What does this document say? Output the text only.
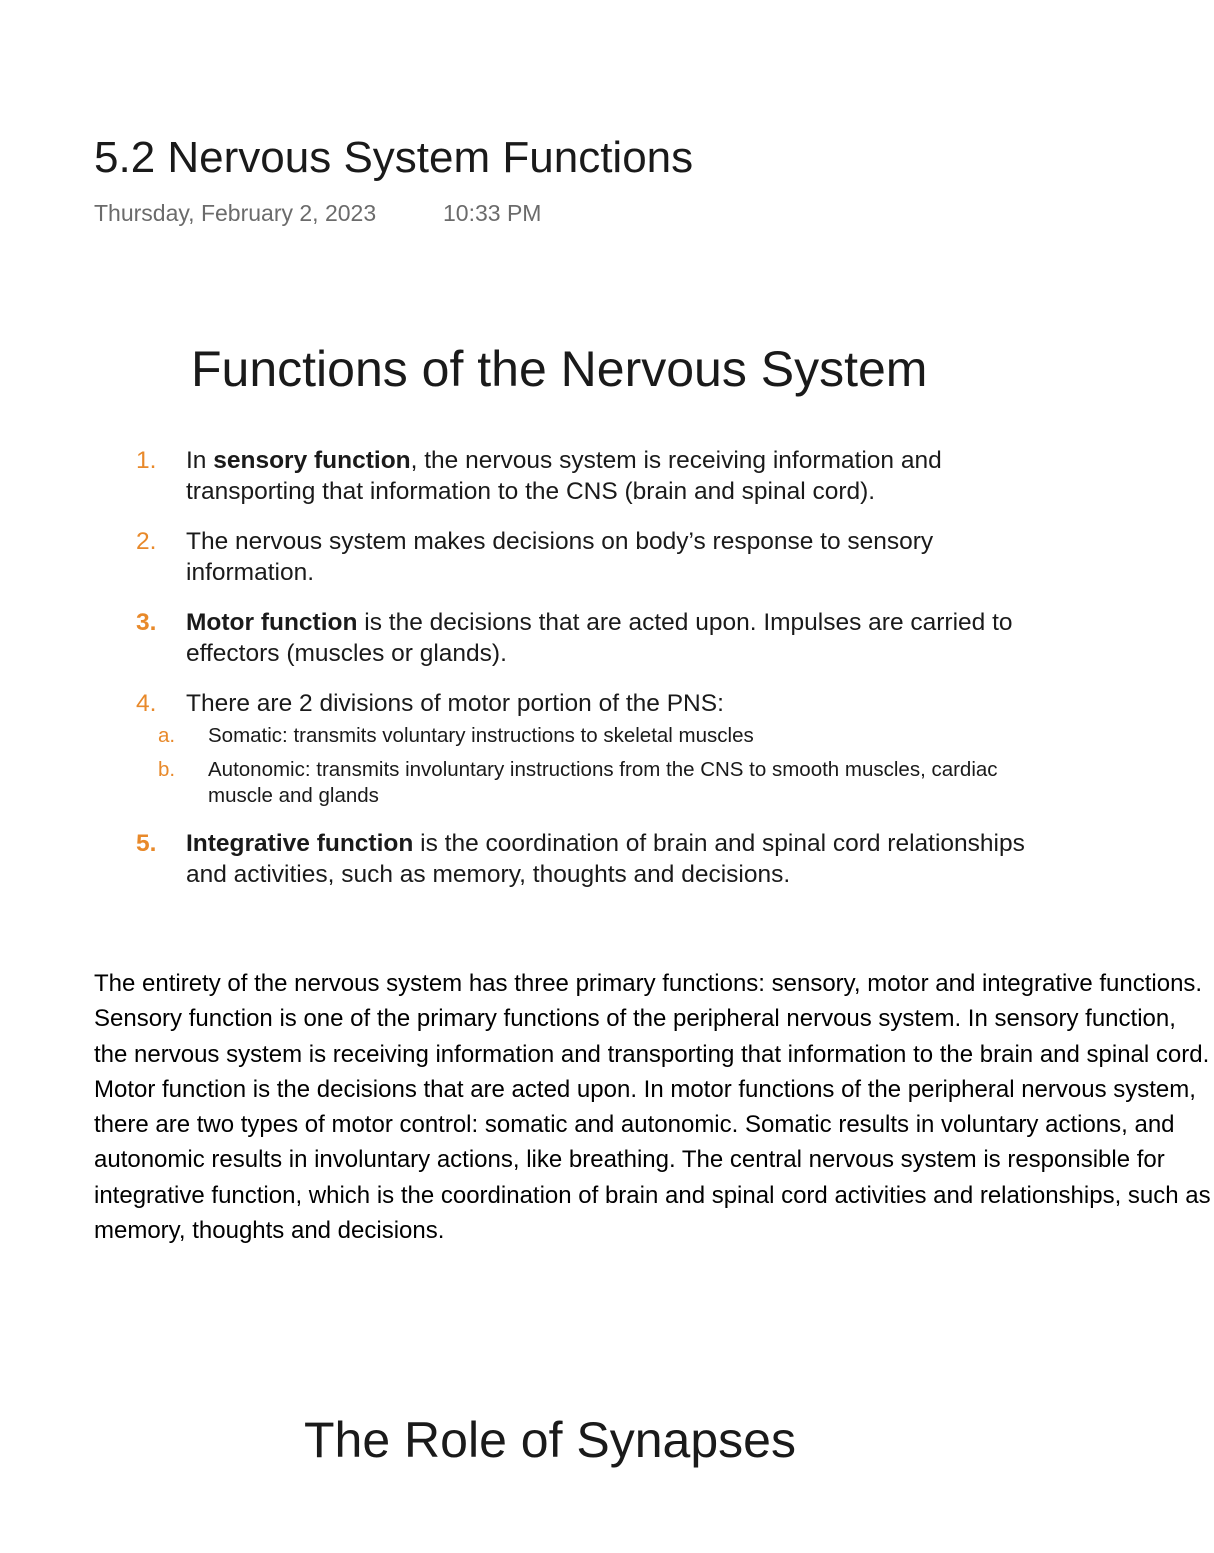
5.2 Nervous System Functions
Thursday, February 2, 2023	10:33 PM
Functions of the Nervous System
1. In sensory function, the nervous system is receiving information and transporting that information to the CNS (brain and spinal cord).
2. The nervous system makes decisions on body’s response to sensory information.
3. Motor function is the decisions that are acted upon. Impulses are carried to effectors (muscles or glands).
4. There are 2 divisions of motor portion of the PNS:
a. Somatic: transmits voluntary instructions to skeletal muscles
b. Autonomic: transmits involuntary instructions from the CNS to smooth muscles, cardiac muscle and glands
5. Integrative function is the coordination of brain and spinal cord relationships and activities, such as memory, thoughts and decisions.

The entirety of the nervous system has three primary functions: sensory, motor and integrative functions.
Sensory function is one of the primary functions of the peripheral nervous system. In sensory function, the nervous system is receiving information and transporting that information to the brain and spinal cord. Motor function is the decisions that are acted upon. In motor functions of the peripheral nervous system, there are two types of motor control: somatic and autonomic. Somatic results in voluntary actions, and autonomic results in involuntary actions, like breathing. The central nervous system is responsible for integrative function, which is the coordination of brain and spinal cord activities and relationships, such as memory, thoughts and decisions.

The Role of Synapses
